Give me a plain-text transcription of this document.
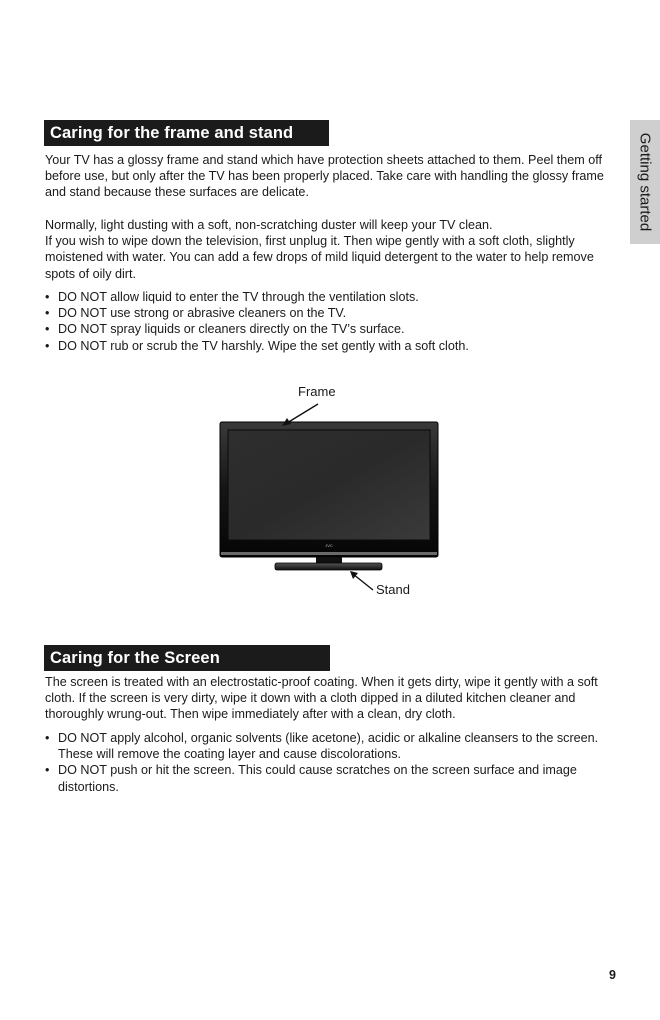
Getting started
Caring for the frame and stand

Your TV has a glossy frame and stand which have protection sheets attached to them. Peel them off before use, but only after the TV has been properly placed. Take care with handling the glossy frame and stand because these surfaces are delicate.

Normally, light dusting with a soft, non-scratching duster will keep your TV clean.
If you wish to wipe down the television, first unplug it. Then wipe gently with a soft cloth, slightly moistened with water. You can add a few drops of mild liquid detergent to the water to help remove spots of oily dirt.

• DO NOT allow liquid to enter the TV through the ventilation slots.
• DO NOT use strong or abrasive cleaners on the TV.
• DO NOT spray liquids or cleaners directly on the TV’s surface.
• DO NOT rub or scrub the TV harshly. Wipe the set gently with a soft cloth.
JVC
Frame
Stand
Caring for the Screen

The screen is treated with an electrostatic-proof coating. When it gets dirty, wipe it gently with a soft cloth. If the screen is very dirty, wipe it down with a cloth dipped in a diluted kitchen cleaner and thoroughly wrung-out. Then wipe immediately after with a clean, dry cloth.

• DO NOT apply alcohol, organic solvents (like acetone), acidic or alkaline cleansers to the screen. These will remove the coating layer and cause discolorations.
• DO NOT push or hit the screen. This could cause scratches on the screen surface and image distortions.
9
